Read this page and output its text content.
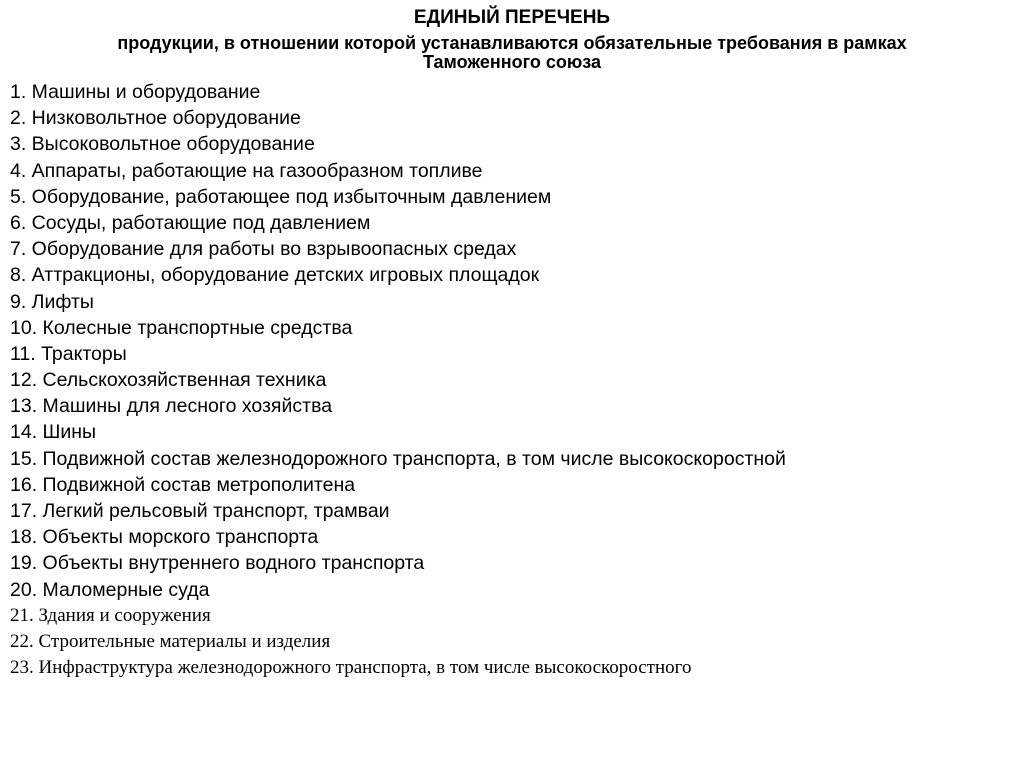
ЕДИНЫЙ ПЕРЕЧЕНЬ
продукции, в отношении которой устанавливаются обязательные требования в рамках
Таможенного союза
1. Машины и оборудование
2. Низковольтное оборудование
3. Высоковольтное оборудование
4. Аппараты, работающие на газообразном топливе
5. Оборудование, работающее под избыточным давлением
6. Сосуды, работающие под давлением
7. Оборудование для работы во взрывоопасных средах
8. Аттракционы, оборудование детских игровых площадок
9. Лифты
10. Колесные транспортные средства
11. Тракторы
12. Сельскохозяйственная техника
13. Машины для лесного хозяйства
14. Шины
15. Подвижной состав железнодорожного транспорта, в том числе высокоскоростной
16. Подвижной состав метрополитена
17. Легкий рельсовый транспорт, трамваи
18. Объекты морского транспорта
19. Объекты внутреннего водного транспорта
20. Маломерные суда
21. Здания и сооружения
22. Строительные материалы и изделия
23. Инфраструктура железнодорожного транспорта, в том числе высокоскоростного
